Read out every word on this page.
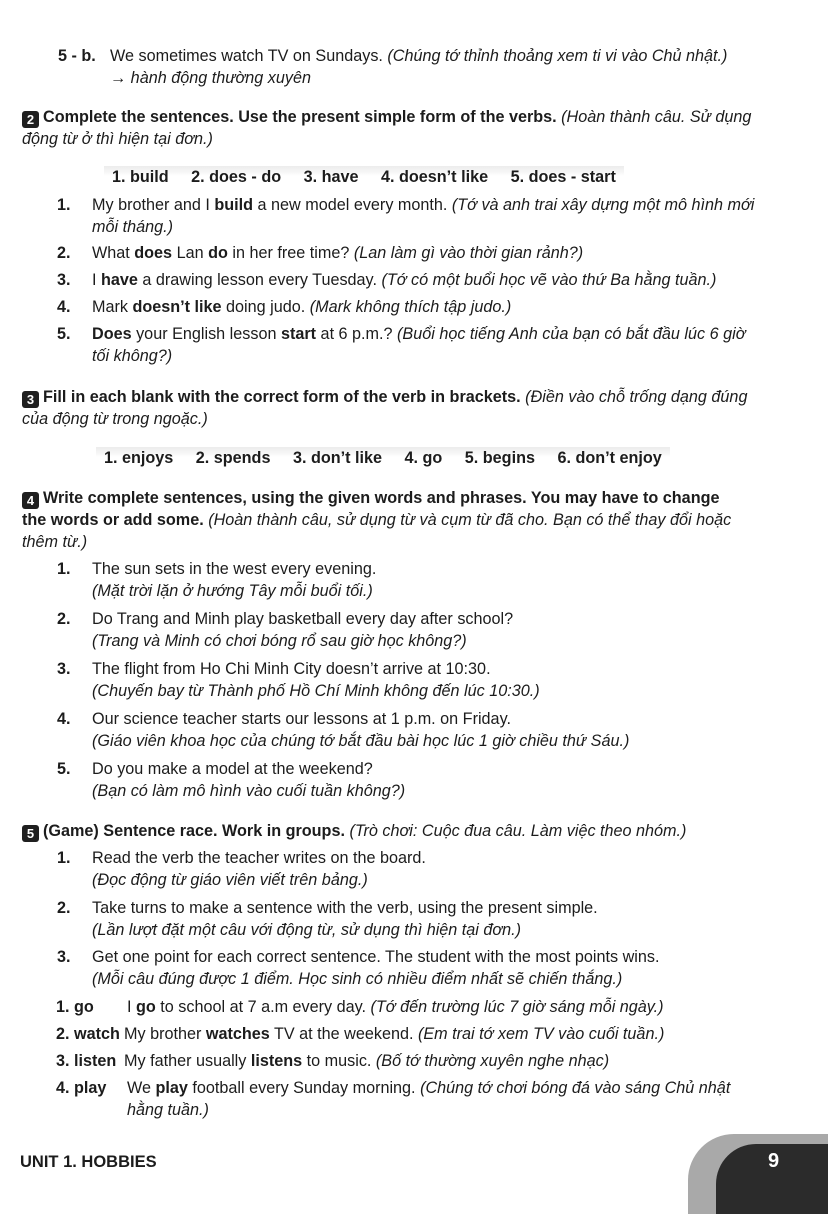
5 - b. We sometimes watch TV on Sundays. (Chúng tớ thỉnh thoảng xem ti vi vào Chủ nhật.)
→ hành động thường xuyên
2 Complete the sentences. Use the present simple form of the verbs. (Hoàn thành câu. Sử dụng
động từ ở thì hiện tại đơn.)
1. build 2. does - do 3. have 4. doesn’t like 5. does - start
1. My brother and I build a new model every month. (Tớ và anh trai xây dựng một mô hình mới
mỗi tháng.)
2. What does Lan do in her free time? (Lan làm gì vào thời gian rảnh?)
3. I have a drawing lesson every Tuesday. (Tớ có một buổi học vẽ vào thứ Ba hằng tuần.)
4. Mark doesn’t like doing judo. (Mark không thích tập judo.)
5. Does your English lesson start at 6 p.m.? (Buổi học tiếng Anh của bạn có bắt đầu lúc 6 giờ
tối không?)
3 Fill in each blank with the correct form of the verb in brackets. (Điền vào chỗ trống dạng đúng
của động từ trong ngoặc.)
1. enjoys 2. spends 3. don’t like 4. go 5. begins 6. don’t enjoy
4 Write complete sentences, using the given words and phrases. You may have to change
the words or add some. (Hoàn thành câu, sử dụng từ và cụm từ đã cho. Bạn có thể thay đổi hoặc
thêm từ.)
1. The sun sets in the west every evening.
(Mặt trời lặn ở hướng Tây mỗi buổi tối.)
2. Do Trang and Minh play basketball every day after school?
(Trang và Minh có chơi bóng rổ sau giờ học không?)
3. The flight from Ho Chi Minh City doesn’t arrive at 10:30.
(Chuyến bay từ Thành phố Hồ Chí Minh không đến lúc 10:30.)
4. Our science teacher starts our lessons at 1 p.m. on Friday.
(Giáo viên khoa học của chúng tớ bắt đầu bài học lúc 1 giờ chiều thứ Sáu.)
5. Do you make a model at the weekend?
(Bạn có làm mô hình vào cuối tuần không?)
5 (Game) Sentence race. Work in groups. (Trò chơi: Cuộc đua câu. Làm việc theo nhóm.)
1. Read the verb the teacher writes on the board.
(Đọc động từ giáo viên viết trên bảng.)
2. Take turns to make a sentence with the verb, using the present simple.
(Lần lượt đặt một câu với động từ, sử dụng thì hiện tại đơn.)
3. Get one point for each correct sentence. The student with the most points wins.
(Mỗi câu đúng được 1 điểm. Học sinh có nhiều điểm nhất sẽ chiến thắng.)
1. go I go to school at 7 a.m every day. (Tớ đến trường lúc 7 giờ sáng mỗi ngày.)
2. watch My brother watches TV at the weekend. (Em trai tớ xem TV vào cuối tuần.)
3. listen My father usually listens to music. (Bố tớ thường xuyên nghe nhạc)
4. play We play football every Sunday morning. (Chúng tớ chơi bóng đá vào sáng Chủ nhật
hằng tuần.)
UNIT 1. HOBBIES	9
